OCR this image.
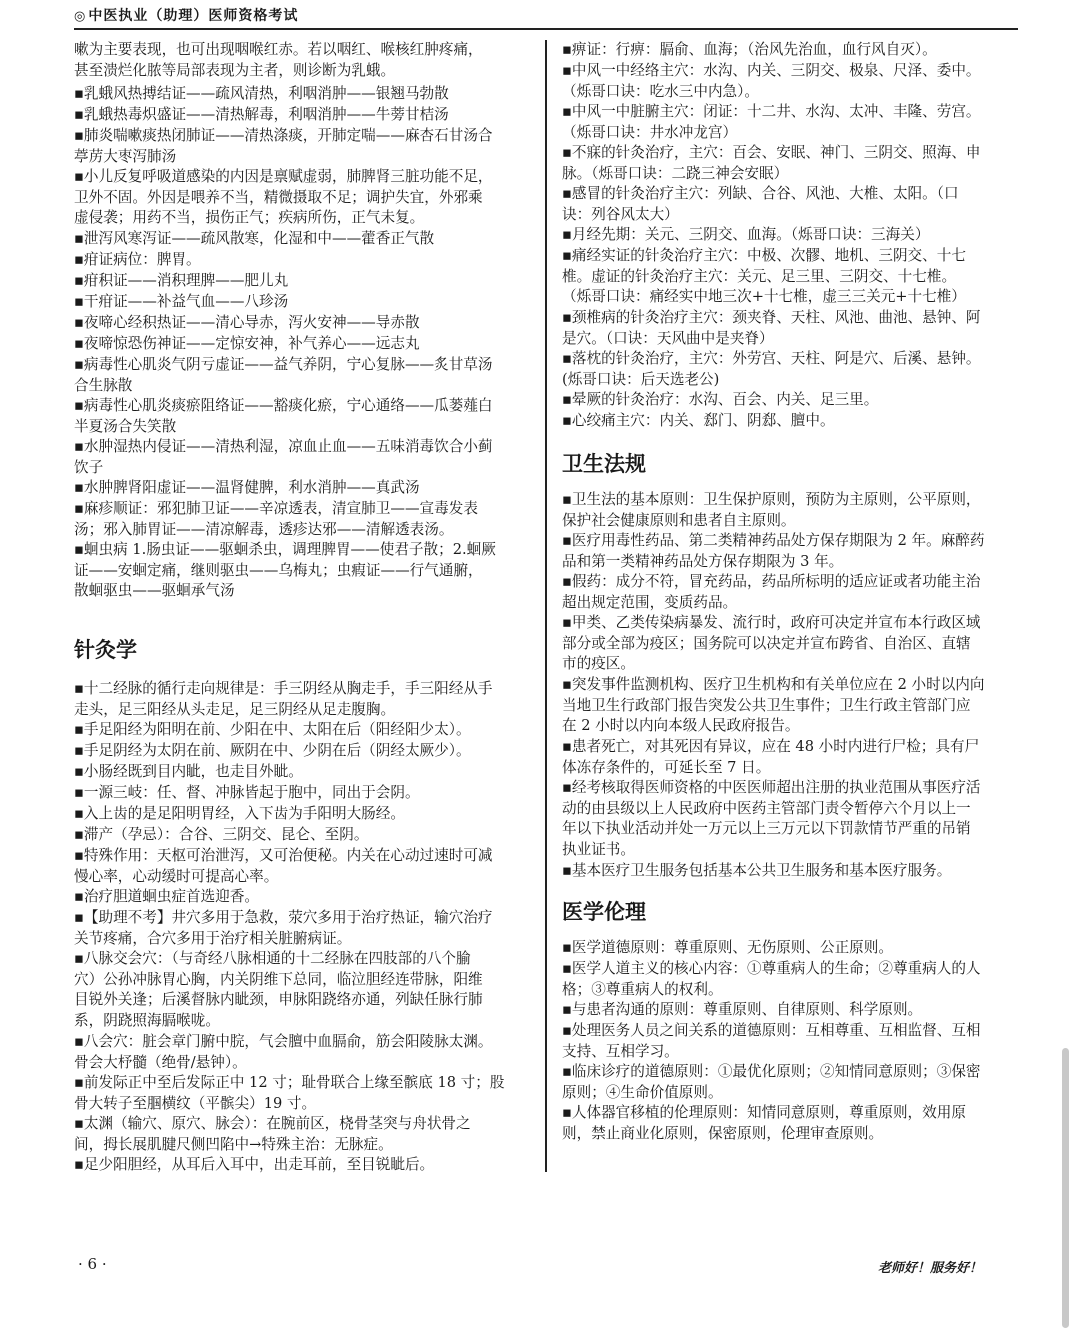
◎ 中医执业（助理）医师资格考试
嗽为主要表现，也可出现咽喉红赤。若以咽红、喉核红肿疼痛，
甚至溃烂化脓等局部表现为主者，则诊断为乳蛾。
▪乳蛾风热搏结证——疏风清热，利咽消肿——银翘马勃散
▪乳蛾热毒炽盛证——清热解毒，利咽消肿——牛蒡甘桔汤
▪肺炎喘嗽痰热闭肺证——清热涤痰，开肺定喘——麻杏石甘汤合
葶苈大枣泻肺汤
▪小儿反复呼吸道感染的内因是禀赋虚弱，肺脾肾三脏功能不足，
卫外不固。外因是喂养不当，精微摄取不足；调护失宜，外邪乘
虚侵袭；用药不当，损伤正气；疾病所伤，正气未复。
▪泄泻风寒泻证——疏风散寒，化湿和中——藿香正气散
▪疳证病位：脾胃。
▪疳积证——消积理脾——肥儿丸
▪干疳证——补益气血——八珍汤
▪夜啼心经积热证——清心导赤，泻火安神——导赤散
▪夜啼惊恐伤神证——定惊安神，补气养心——远志丸
▪病毒性心肌炎气阴亏虚证——益气养阴，宁心复脉——炙甘草汤
合生脉散
▪病毒性心肌炎痰瘀阻络证——豁痰化瘀，宁心通络——瓜蒌薤白
半夏汤合失笑散
▪水肿湿热内侵证——清热利湿，凉血止血——五味消毒饮合小蓟
饮子
▪水肿脾肾阳虚证——温肾健脾，利水消肿——真武汤
▪麻疹顺证：邪犯肺卫证——辛凉透表，清宣肺卫——宣毒发表
汤；邪入肺胃证——清凉解毒，透疹达邪——清解透表汤。
▪蛔虫病 1.肠虫证——驱蛔杀虫，调理脾胃——使君子散；2.蛔厥
证——安蛔定痛，继则驱虫——乌梅丸；虫瘕证——行气通腑，
散蛔驱虫——驱蛔承气汤
针灸学
▪十二经脉的循行走向规律是：手三阴经从胸走手，手三阳经从手
走头，足三阳经从头走足，足三阴经从足走腹胸。
▪手足阳经为阳明在前、少阳在中、太阳在后（阳经阳少太）。
▪手足阴经为太阴在前、厥阴在中、少阴在后（阴经太厥少）。
▪小肠经既到目内眦，也走目外眦。
▪一源三岐：任、督、冲脉皆起于胞中，同出于会阴。
▪入上齿的是足阳明胃经，入下齿为手阳明大肠经。
▪滞产（孕忌）：合谷、三阴交、昆仑、至阴。
▪特殊作用：天枢可治泄泻，又可治便秘。内关在心动过速时可减
慢心率，心动缓时可提高心率。
▪治疗胆道蛔虫症首选迎香。
▪【助理不考】井穴多用于急救，荥穴多用于治疗热证，输穴治疗
关节疼痛，合穴多用于治疗相关脏腑病证。
▪八脉交会穴：（与奇经八脉相通的十二经脉在四肢部的八个腧
穴）公孙冲脉胃心胸，内关阴维下总同，临泣胆经连带脉，阳维
目锐外关逢；后溪督脉内眦颈，申脉阳跷络亦通，列缺任脉行肺
系，阴跷照海膈喉咙。
▪八会穴：脏会章门腑中脘，气会膻中血膈俞，筋会阳陵脉太渊。
骨会大杼髓（绝骨/悬钟）。
▪前发际正中至后发际正中 12 寸；耻骨联合上缘至髌底 18 寸；股
骨大转子至腘横纹（平髌尖）19 寸。
▪太渊（输穴、原穴、脉会）：在腕前区，桡骨茎突与舟状骨之
间，拇长展肌腱尺侧凹陷中→特殊主治：无脉症。
▪足少阳胆经，从耳后入耳中，出走耳前，至目锐眦后。
▪痹证：行痹：膈俞、血海；（治风先治血，血行风自灭）。
▪中风一中经络主穴：水沟、内关、三阴交、极泉、尺泽、委中。
（烁哥口诀：吃水三中内急）。
▪中风一中脏腑主穴：闭证：十二井、水沟、太冲、丰隆、劳宫。
（烁哥口诀：井水冲龙宫）
▪不寐的针灸治疗，主穴：百会、安眠、神门、三阴交、照海、申
脉。（烁哥口诀：二跷三神会安眠）
▪感冒的针灸治疗主穴：列缺、合谷、风池、大椎、太阳。（口
诀：列谷风太大）
▪月经先期：关元、三阴交、血海。（烁哥口诀：三海关）
▪痛经实证的针灸治疗主穴：中极、次髎、地机、三阴交、十七
椎。虚证的针灸治疗主穴：关元、足三里、三阴交、十七椎。
（烁哥口诀：痛经实中地三次+十七椎，虚三三关元+十七椎）
▪颈椎病的针灸治疗主穴：颈夹脊、天柱、风池、曲池、悬钟、阿
是穴。（口诀：天风曲中是夹脊）
▪落枕的针灸治疗，主穴：外劳宫、天柱、阿是穴、后溪、悬钟。
(烁哥口诀：后天选老公)
▪晕厥的针灸治疗：水沟、百会、内关、足三里。
▪心绞痛主穴：内关、郄门、阴郄、膻中。
卫生法规
▪卫生法的基本原则：卫生保护原则，预防为主原则，公平原则，
保护社会健康原则和患者自主原则。
▪医疗用毒性药品、第二类精神药品处方保存期限为 2 年。麻醉药
品和第一类精神药品处方保存期限为 3 年。
▪假药：成分不符，冒充药品，药品所标明的适应证或者功能主治
超出规定范围，变质药品。
▪甲类、乙类传染病暴发、流行时，政府可决定并宣布本行政区域
部分或全部为疫区；国务院可以决定并宣布跨省、自治区、直辖
市的疫区。
▪突发事件监测机构、医疗卫生机构和有关单位应在 2 小时以内向
当地卫生行政部门报告突发公共卫生事件；卫生行政主管部门应
在 2 小时以内向本级人民政府报告。
▪患者死亡，对其死因有异议，应在 48 小时内进行尸检；具有尸
体冻存条件的，可延长至 7 日。
▪经考核取得医师资格的中医医师超出注册的执业范围从事医疗活
动的由县级以上人民政府中医药主管部门责令暂停六个月以上一
年以下执业活动并处一万元以上三万元以下罚款情节严重的吊销
执业证书。
▪基本医疗卫生服务包括基本公共卫生服务和基本医疗服务。
医学伦理
▪医学道德原则：尊重原则、无伤原则、公正原则。
▪医学人道主义的核心内容：①尊重病人的生命；②尊重病人的人
格；③尊重病人的权利。
▪与患者沟通的原则：尊重原则、自律原则、科学原则。
▪处理医务人员之间关系的道德原则：互相尊重、互相监督、互相
支持、互相学习。
▪临床诊疗的道德原则：①最优化原则；②知情同意原则；③保密
原则；④生命价值原则。
▪人体器官移植的伦理原则：知情同意原则，尊重原则，效用原
则，禁止商业化原则，保密原则，伦理审查原则。
· 6 ·	老师好！服务好！
